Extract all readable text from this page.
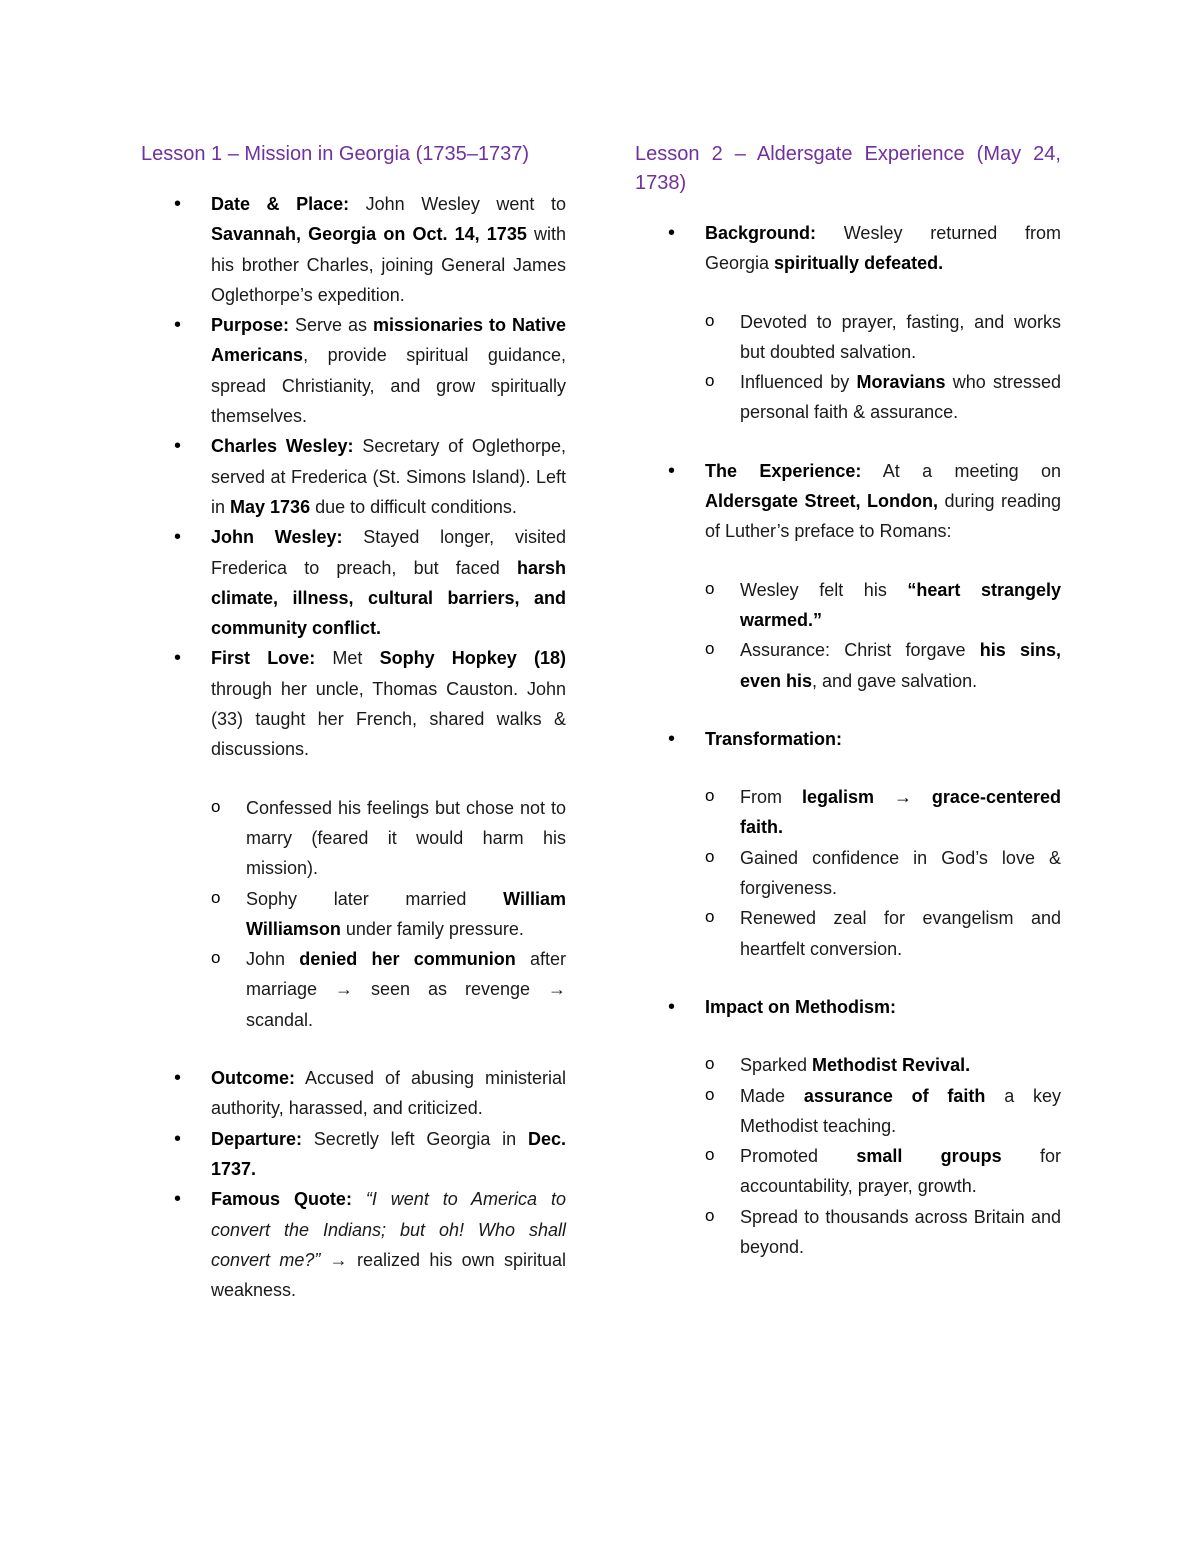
Lesson 1 – Mission in Georgia (1735–1737)
• Date & Place: John Wesley went to Savannah, Georgia on Oct. 14, 1735 with his brother Charles, joining General James Oglethorpe’s expedition.
• Purpose: Serve as missionaries to Native Americans, provide spiritual guidance, spread Christianity, and grow spiritually themselves.
• Charles Wesley: Secretary of Oglethorpe, served at Frederica (St. Simons Island). Left in May 1736 due to difficult conditions.
• John Wesley: Stayed longer, visited Frederica to preach, but faced harsh climate, illness, cultural barriers, and community conflict.
• First Love: Met Sophy Hopkey (18) through her uncle, Thomas Causton. John (33) taught her French, shared walks & discussions.
o Confessed his feelings but chose not to marry (feared it would harm his mission).
o Sophy later married William Williamson under family pressure.
o John denied her communion after marriage → seen as revenge → scandal.
• Outcome: Accused of abusing ministerial authority, harassed, and criticized.
• Departure: Secretly left Georgia in Dec. 1737.
• Famous Quote: “I went to America to convert the Indians; but oh! Who shall convert me?” → realized his own spiritual weakness.
Lesson 2 – Aldersgate Experience (May 24, 1738)
• Background: Wesley returned from Georgia spiritually defeated.
o Devoted to prayer, fasting, and works but doubted salvation.
o Influenced by Moravians who stressed personal faith & assurance.
• The Experience: At a meeting on Aldersgate Street, London, during reading of Luther’s preface to Romans:
o Wesley felt his “heart strangely warmed.”
o Assurance: Christ forgave his sins, even his, and gave salvation.
• Transformation:
o From legalism → grace-centered faith.
o Gained confidence in God’s love & forgiveness.
o Renewed zeal for evangelism and heartfelt conversion.
• Impact on Methodism:
o Sparked Methodist Revival.
o Made assurance of faith a key Methodist teaching.
o Promoted small groups for accountability, prayer, growth.
o Spread to thousands across Britain and beyond.
